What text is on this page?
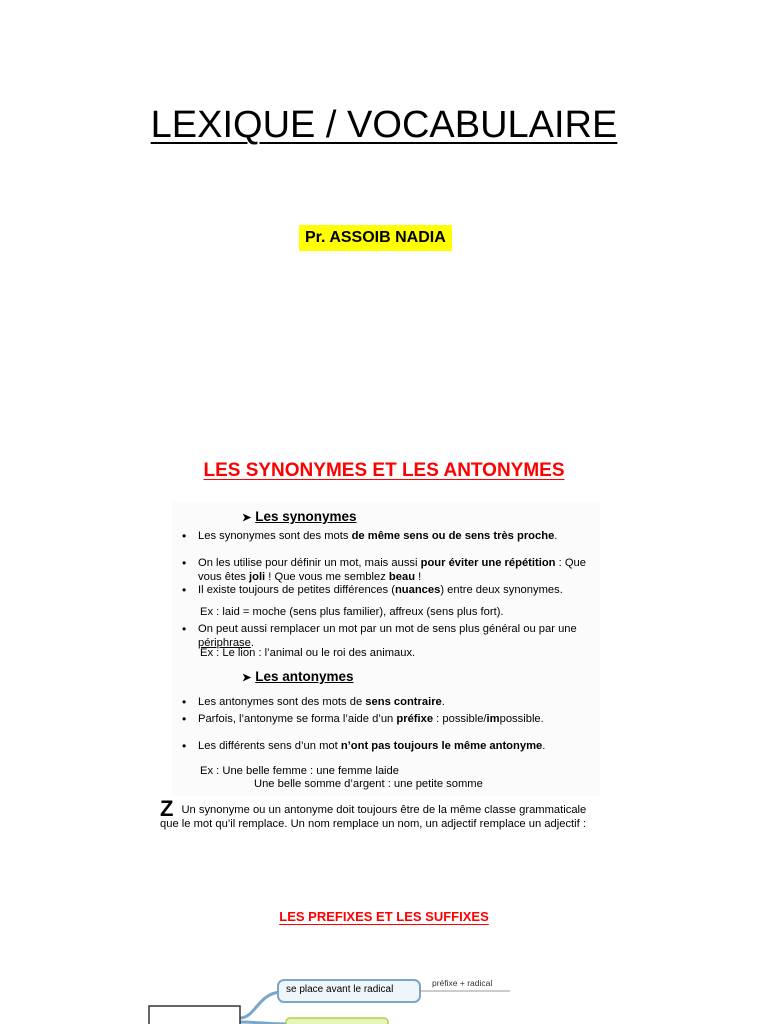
LEXIQUE / VOCABULAIRE
Pr. ASSOIB NADIA
LES SYNONYMES ET LES ANTONYMES
➤ Les synonymes
• Les synonymes sont des mots de même sens ou de sens très proche.
• On les utilise pour définir un mot, mais aussi pour éviter une répétition : Que vous êtes joli ! Que vous me semblez beau !
• Il existe toujours de petites différences (nuances) entre deux synonymes.
Ex : laid = moche (sens plus familier), affreux (sens plus fort).
• On peut aussi remplacer un mot par un mot de sens plus général ou par une périphrase.
Ex : Le lion : l’animal ou le roi des animaux.
➤ Les antonymes
• Les antonymes sont des mots de sens contraire.
• Parfois, l’antonyme se forma l’aide d’un préfixe : possible/impossible.
• Les différents sens d’un mot n’ont pas toujours le même antonyme.
Ex : Une belle femme : une femme laide
Une belle somme d’argent : une petite somme
Z Un synonyme ou un antonyme doit toujours être de la même classe grammaticale que le mot qu’il remplace. Un nom remplace un nom, un adjectif remplace un adjectif :
LES PREFIXES ET LES SUFFIXES
se place avant le radical
préfixe + radical
